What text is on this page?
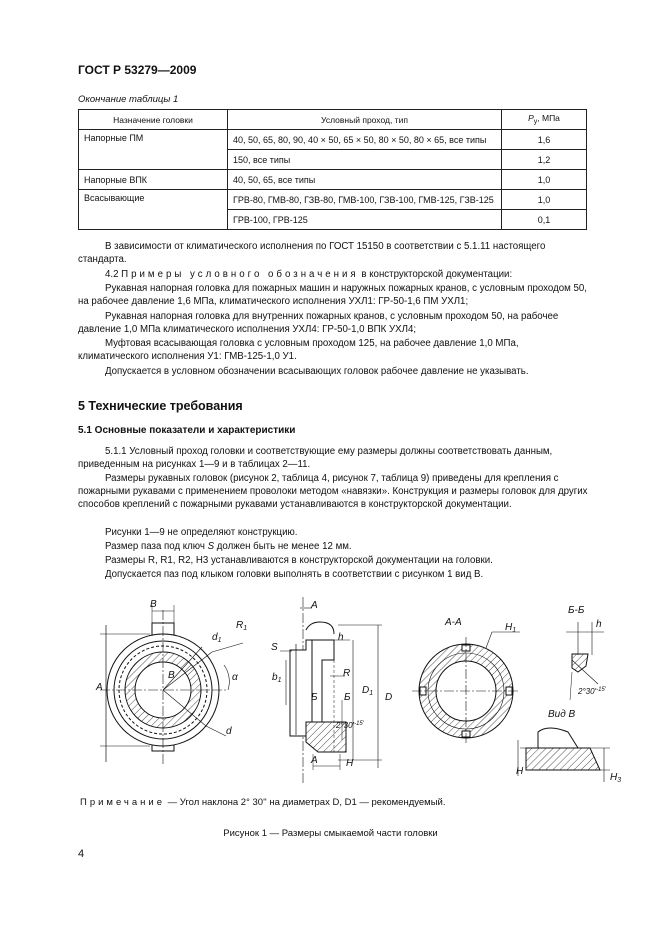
ГОСТ Р 53279—2009
Окончание таблицы 1
Назначение головки	Условный проход, тип	$P_y$, МПа
Напорные ПМ	40, 50, 65, 80, 90, 40 × 50, 65 × 50, 80 × 50, 80 × 65, все типы	1,6
	150, все типы	1,2
Напорные ВПК	40, 50, 65, все типы	1,0
Всасывающие	ГРВ-80, ГМВ-80, ГЗВ-80, ГМВ-100, ГЗВ-100, ГМВ-125, ГЗВ-125	1,0
	ГРВ-100, ГРВ-125	0,1
В зависимости от климатического исполнения по ГОСТ 15150 в соответствии с 5.1.11 настоящего стандарта.
4.2 Примеры условного обозначения в конструкторской документации:
Рукавная напорная головка для пожарных машин и наружных пожарных кранов, с условным проходом 50, на рабочее давление 1,6 МПа, климатического исполнения УХЛ1: ГР-50-1,6 ПМ УХЛ1;
Рукавная напорная головка для внутренних пожарных кранов, с условным проходом 50, на рабочее давление 1,0 МПа климатического исполнения УХЛ4: ГР-50-1,0 ВПК УХЛ4;
Муфтовая всасывающая головка с условным проходом 125, на рабочее давление 1,0 МПа, климатического исполнения У1: ГМВ-125-1,0 У1.
Допускается в условном обозначении всасывающих головок рабочее давление не указывать.
5 Технические требования
5.1 Основные показатели и характеристики
5.1.1 Условный проход головки и соответствующие ему размеры должны соответствовать данным, приведенным на рисунках 1—9 и в таблицах 2—11.
Размеры рукавных головок (рисунок 2, таблица 4, рисунок 7, таблица 9) приведены для крепления с пожарными рукавами с применением проволоки методом «навязки». Конструкция и размеры головок для других способов креплений с пожарными рукавами устанавливаются в конструкторской документации.
Рисунки 1—9 не определяют конструкцию.
Размер паза под ключ S должен быть не менее 12 мм.
Размеры R, R1, R2, H3 устанавливаются в конструкторской документации на головки.
Допускается паз под клыком головки выполнять в соответствии с рисунком 1 вид В.
B
$R_1$
$d_1$
B	α
A
d
A
h
S
$b_1$
R
Б	Б
$D_1$ D
$2^\circ 30'^{-15'}$
A	H
A-A	$H_1$
Б-Б
h
$2^\circ 30'^{-15'}$
Вид В
H
$H_3$
Примечание — Угол наклона 2° 30'' на диаметрах D, D1 — рекомендуемый.
Рисунок 1 — Размеры смыкаемой части головки
4
